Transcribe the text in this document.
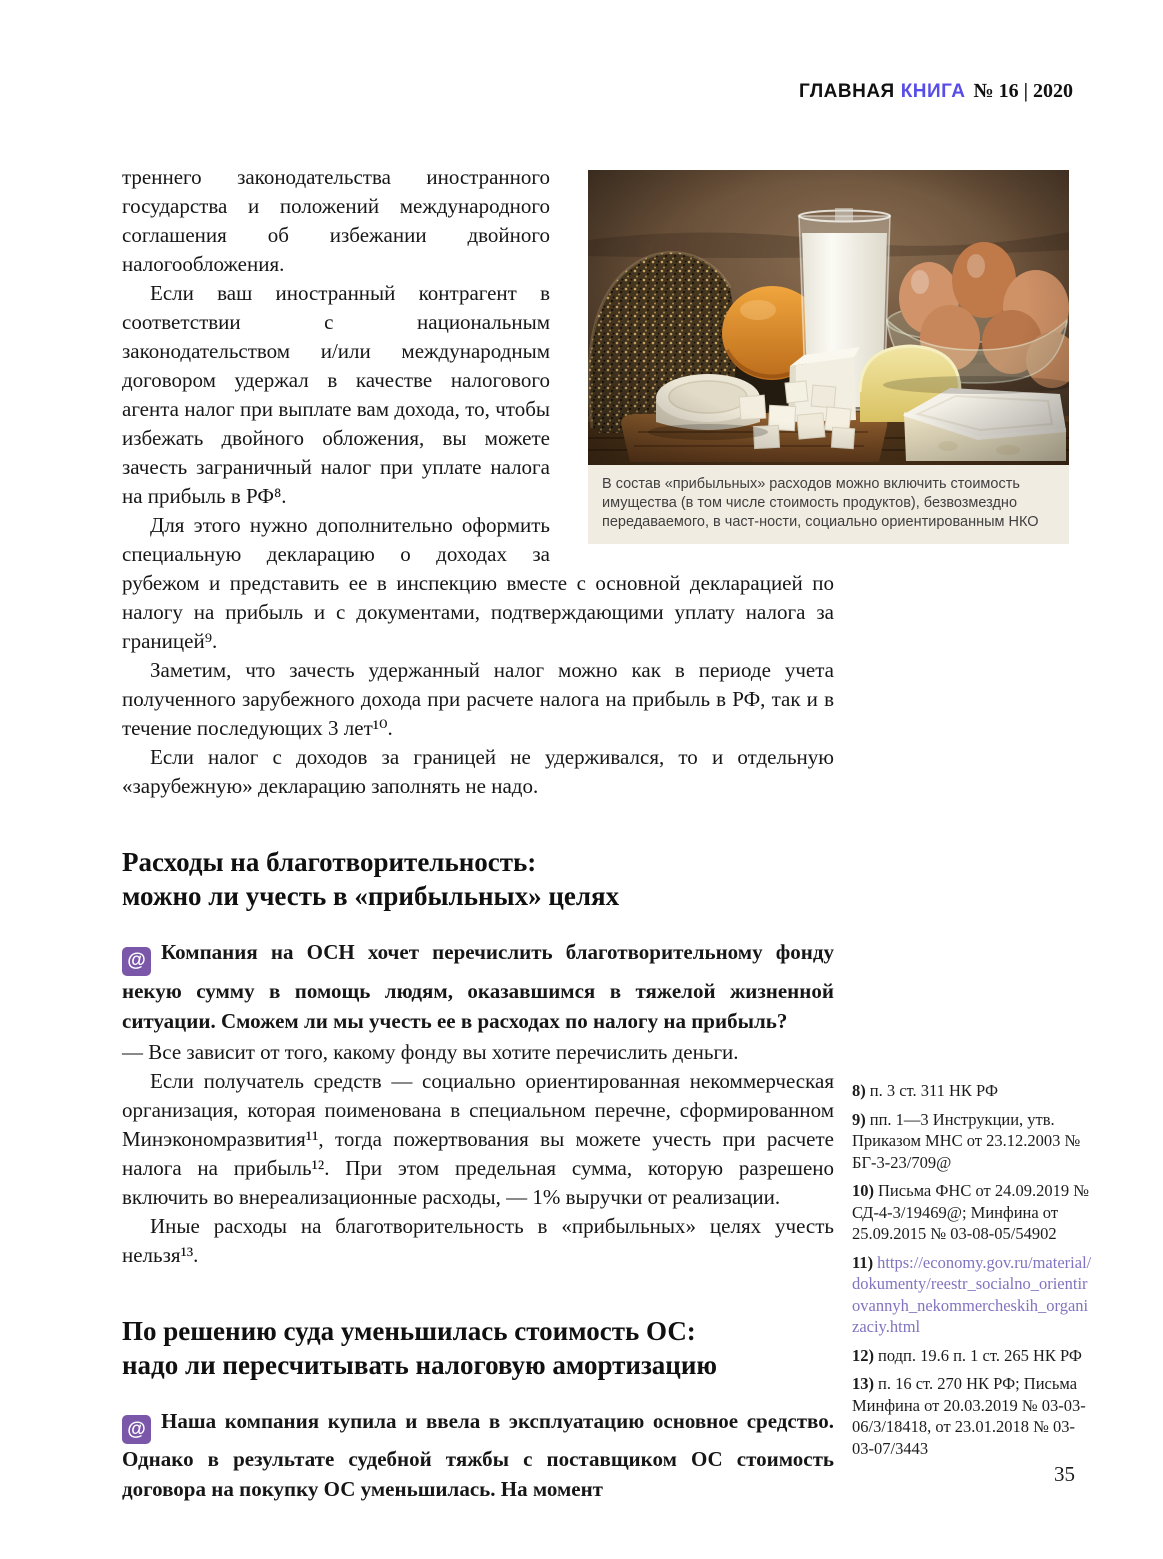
ГЛАВНАЯ КНИГА № 16 | 2020
В состав «прибыльных» расходов можно включить стоимость имущества (в том числе стоимость продуктов), безвозмездно передаваемого, в част-ности, социально ориентированным НКО

треннего законодательства иностранного государства и положений международного соглашения об избежании двойного налогообложения.

Если ваш иностранный контрагент в соответствии с национальным законодательством и/или международным договором удержал в качестве налогового агента налог при выплате вам дохода, то, чтобы избежать двойного обложения, вы можете зачесть заграничный налог при уплате налога на прибыль в РФ⁸.

Для этого нужно дополнительно оформить специальную декларацию о доходах за рубежом и представить ее в инспекцию вместе с основной декларацией по налогу на прибыль и с документами, подтверждающими уплату налога за границей⁹.

Заметим, что зачесть удержанный налог можно как в периоде учета полученного зарубежного дохода при расчете налога на прибыль в РФ, так и в течение последующих 3 лет¹⁰.

Если налог с доходов за границей не удерживался, то и отдельную «зарубежную» декларацию заполнять не надо.

Расходы на благотворительность:
можно ли учесть в «прибыльных» целях
@ Компания на ОСН хочет перечислить благотворительному фонду некую сумму в помощь людям, оказавшимся в тяжелой жизненной ситуации. Сможем ли мы учесть ее в расходах по налогу на прибыль?

— Все зависит от того, какому фонду вы хотите перечислить деньги.

Если получатель средств — социально ориентированная некоммерческая организация, которая поименована в специальном перечне, сформированном Минэкономразвития¹¹, тогда пожертвования вы можете учесть при расчете налога на прибыль¹². При этом предельная сумма, которую разрешено включить во внереализационные расходы, — 1% выручки от реализации.

Иные расходы на благотворительность в «прибыльных» целях учесть нельзя¹³.

По решению суда уменьшилась стоимость ОС:
надо ли пересчитывать налоговую амортизацию
@ Наша компания купила и ввела в эксплуатацию основное средство. Однако в результате судебной тяжбы с поставщиком ОС стоимость договора на покупку ОС уменьшилась. На момент

8) п. 3 ст. 311 НК РФ

9) пп. 1—3 Инструкции, утв. Приказом МНС от 23.12.2003 № БГ-3-23/709@

10) Письма ФНС от 24.09.2019 № СД-4-3/19469@; Минфина от 25.09.2015 № 03-08-05/54902

11) https://economy.gov.ru/material/dokumenty/reestr_socialno_orientirovannyh_nekommercheskih_organizaciy.html

12) подп. 19.6 п. 1 ст. 265 НК РФ

13) п. 16 ст. 270 НК РФ; Письма Минфина от 20.03.2019 № 03-03-06/3/18418, от 23.01.2018 № 03-03-07/3443

35
